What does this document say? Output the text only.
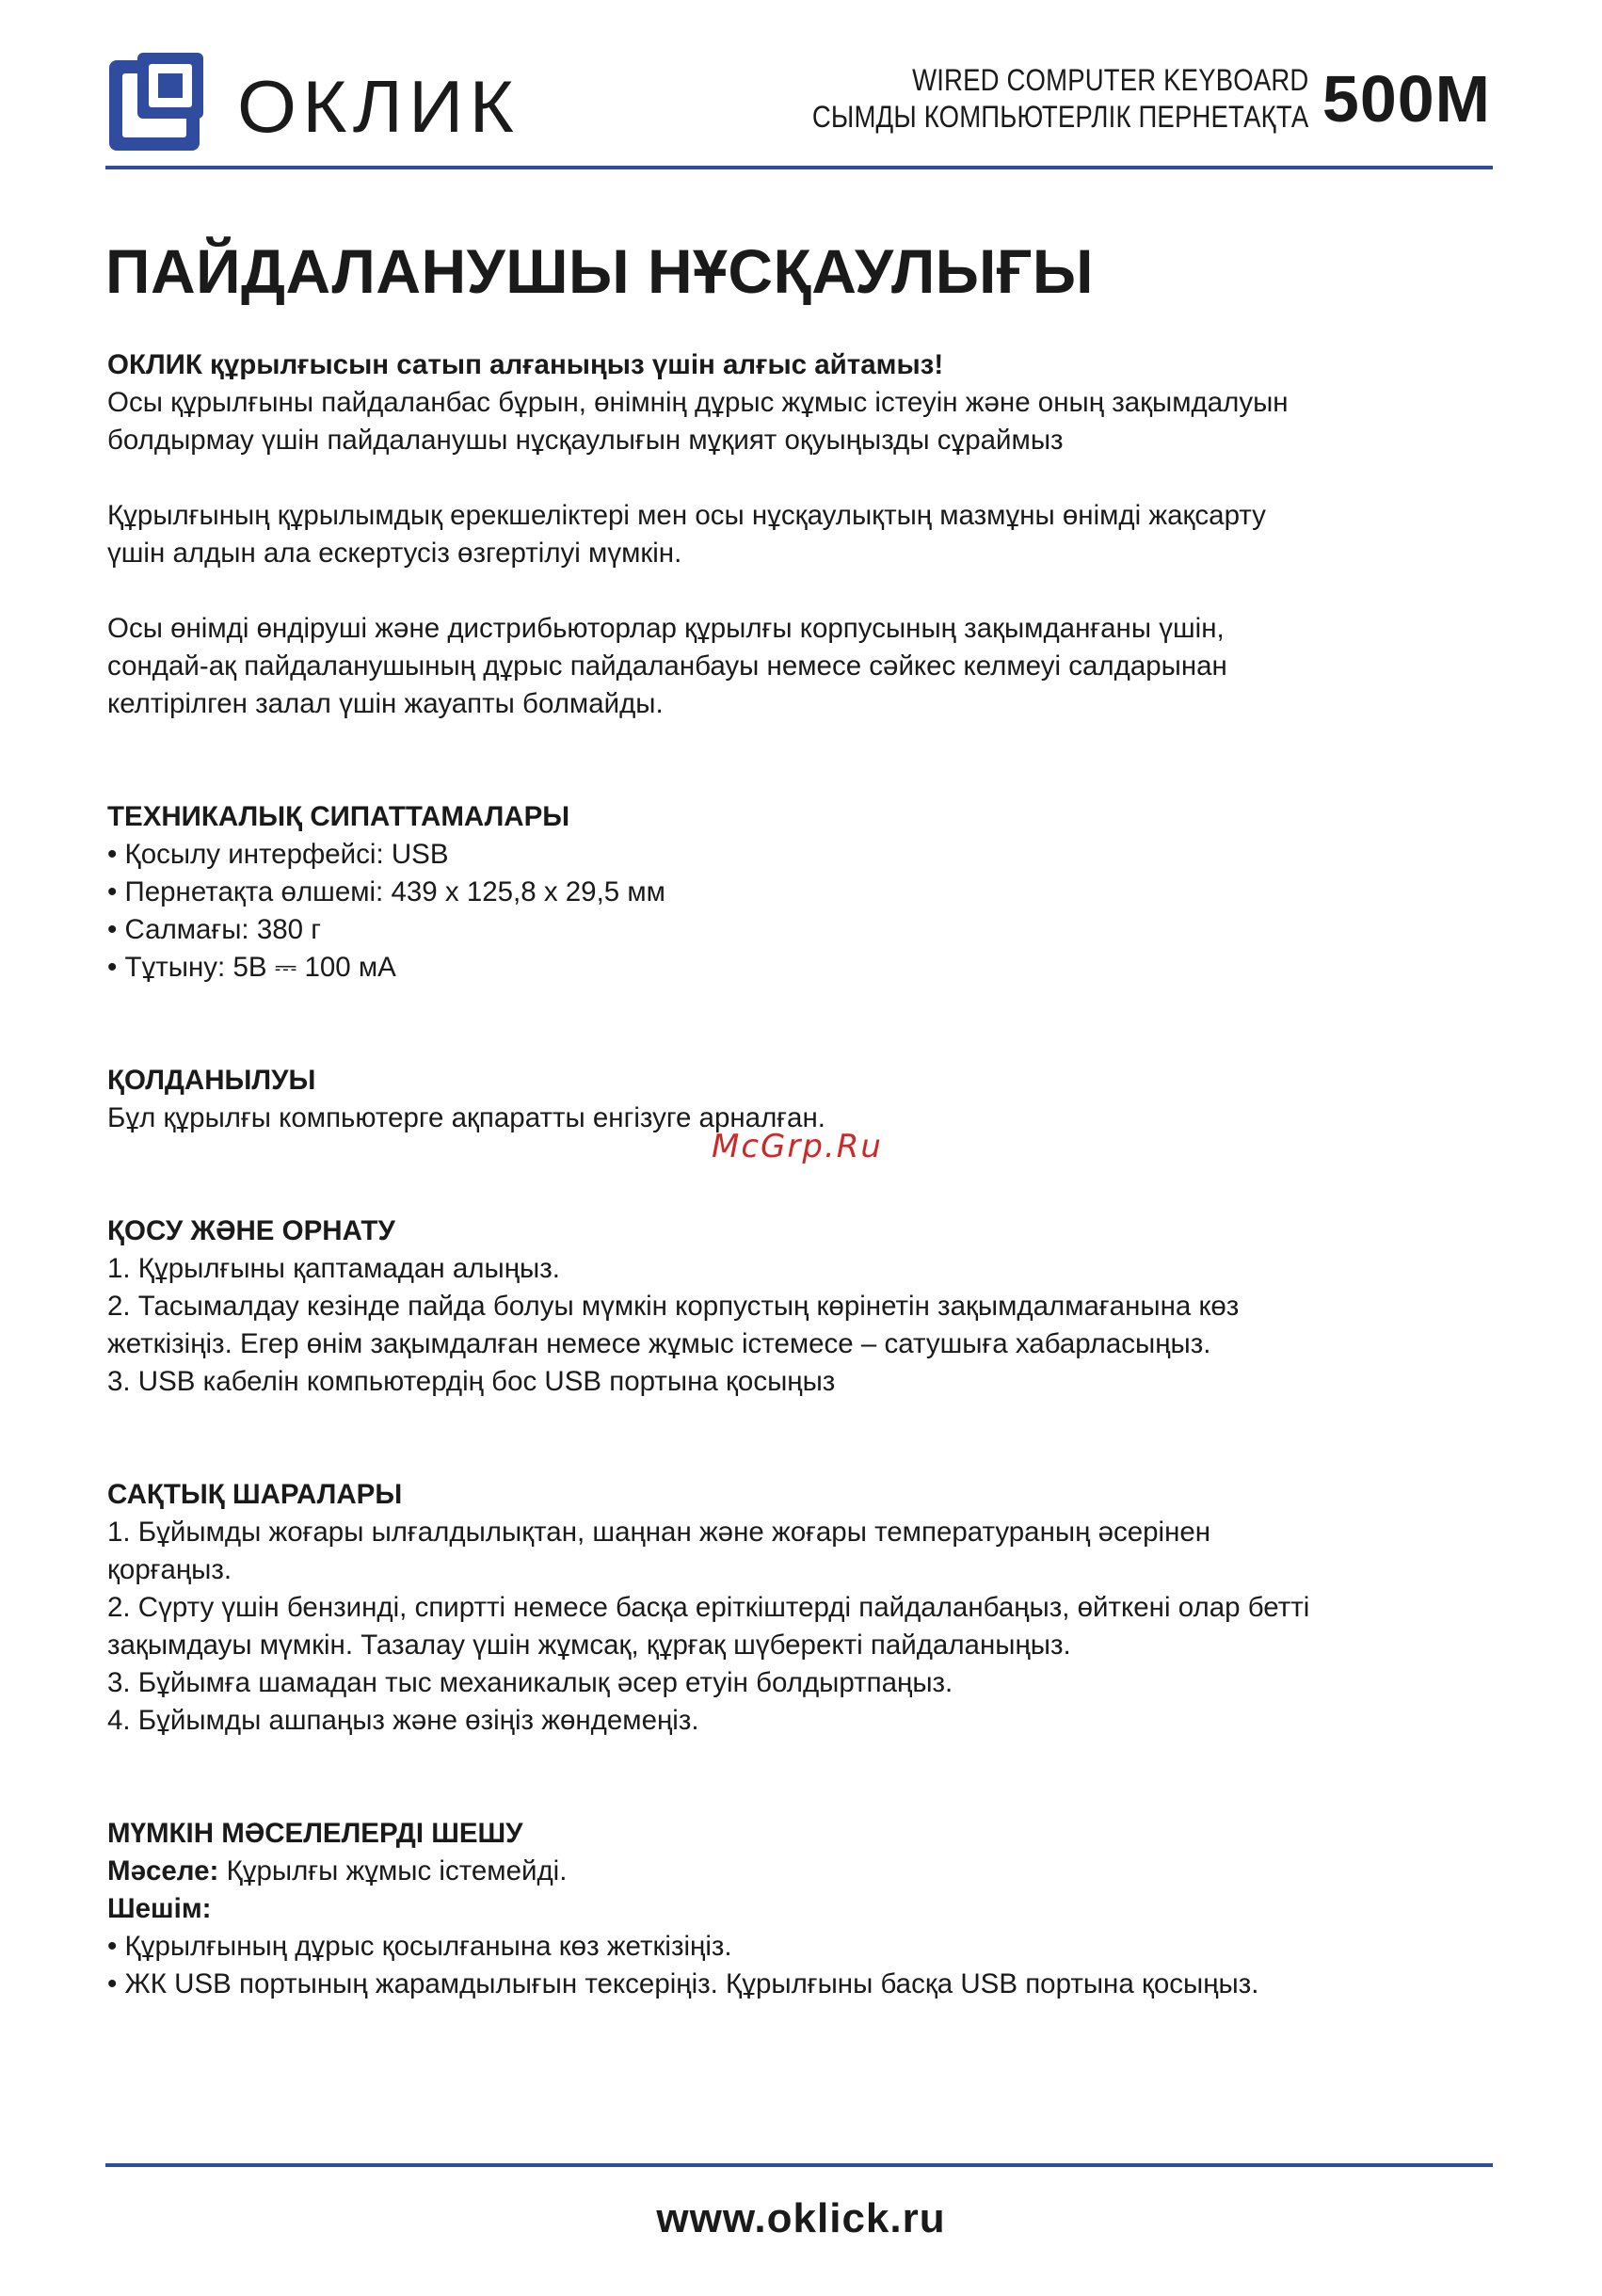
ОКЛИК	WIRED COMPUTER KEYBOARD
СЫМДЫ КОМПЬЮТЕРЛІК ПЕРНЕТАҚТА 500M
ПАЙДАЛАНУШЫ НҰСҚАУЛЫҒЫ

ОКЛИК құрылғысын сатып алғаныңыз үшін алғыс айтамыз!

Осы құрылғыны пайдаланбас бұрын, өнімнің дұрыс жұмыс істеуін және оның зақымдалуын

болдырмау үшін пайдаланушы нұсқаулығын мұқият оқуыңызды сұраймыз

Құрылғының құрылымдық ерекшеліктері мен осы нұсқаулықтың мазмұны өнімді жақсарту

үшін алдын ала ескертусіз өзгертілуі мүмкін.

Осы өнімді өндіруші және дистрибьюторлар құрылғы корпусының зақымданғаны үшін,

сондай-ақ пайдаланушының дұрыс пайдаланбауы немесе сәйкес келмеуі салдарынан

келтірілген залал үшін жауапты болмайды.

ТЕХНИКАЛЫҚ СИПАТТАМАЛАРЫ

• Қосылу интерфейсі: USB

• Пернетақта өлшемі: 439 х 125,8 х 29,5 мм

• Салмағы: 380 г

• Тұтыну: 5В ⎓ 100 мА

ҚОЛДАНЫЛУЫ

Бұл құрылғы компьютерге ақпаратты енгізуге арналған.

ҚОСУ ЖӘНЕ ОРНАТУ

1. Құрылғыны қаптамадан алыңыз.

2. Тасымалдау кезінде пайда болуы мүмкін корпустың көрінетін зақымдалмағанына көз

жеткізіңіз. Егер өнім зақымдалған немесе жұмыс істемесе – сатушыға хабарласыңыз.

3. USB кабелін компьютердің бос USB портына қосыңыз

САҚТЫҚ ШАРАЛАРЫ

1. Бұйымды жоғары ылғалдылықтан, шаңнан және жоғары температураның әсерінен

қорғаңыз.

2. Сүрту үшін бензинді, спиртті немесе басқа еріткіштерді пайдаланбаңыз, өйткені олар бетті

зақымдауы мүмкін. Тазалау үшін жұмсақ, құрғақ шүберекті пайдаланыңыз.

3. Бұйымға шамадан тыс механикалық әсер етуін болдыртпаңыз.

4. Бұйымды ашпаңыз және өзіңіз жөндемеңіз.

МҮМКІН МӘСЕЛЕЛЕРДІ ШЕШУ

Мәселе: Құрылғы жұмыс істемейді.

Шешім:

• Құрылғының дұрыс қосылғанына көз жеткізіңіз.

• ЖК USB портының жарамдылығын тексеріңіз. Құрылғыны басқа USB портына қосыңыз.

McGrp.Ru
www.oklick.ru
